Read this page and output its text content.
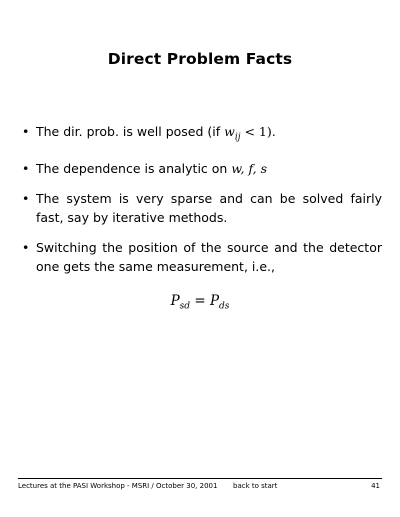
Direct Problem Facts
• The dir. prob. is well posed (if $w_{ij} < 1$).
• The dependence is analytic on w, f, s
• The system is very sparse and can be solved fairly fast, say by iterative methods.
• Switching the position of the source and the detector one gets the same measurement, i.e.,
$P_{sd} = P_{ds}$
Lectures at the PASI Workshop - MSRI / October 30, 2001 back to start	41
